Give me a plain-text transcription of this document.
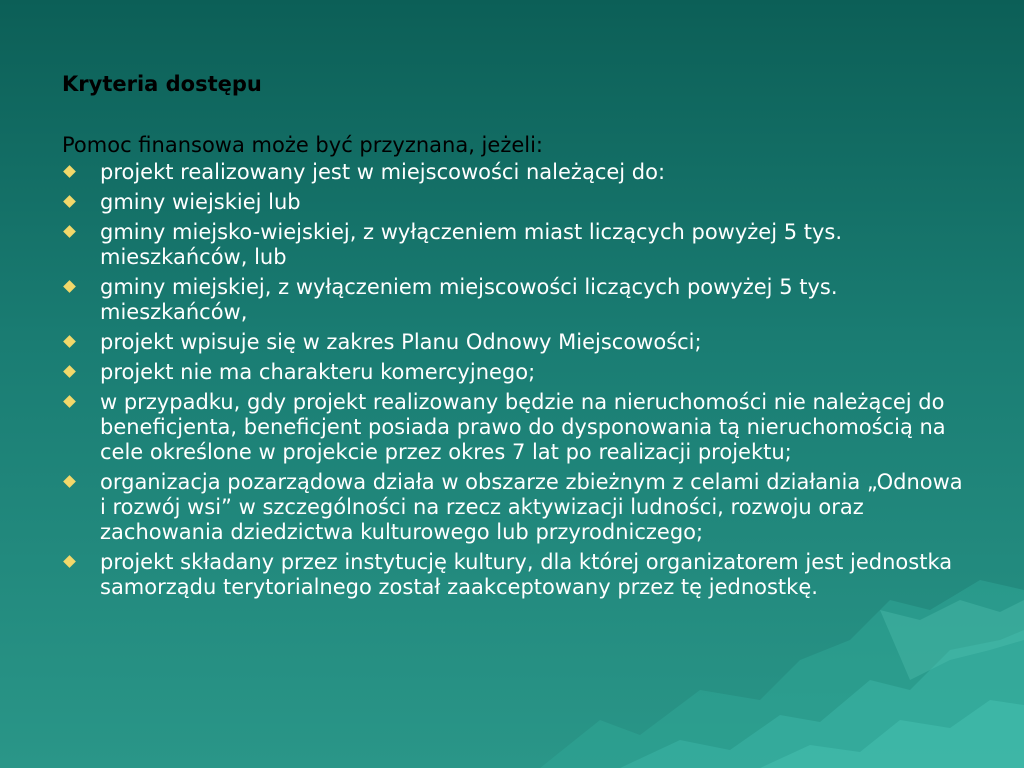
Kryteria dostępu
Pomoc finansowa może być przyznana, jeżeli:
projekt realizowany jest w miejscowości należącej do:
gminy wiejskiej lub
gminy miejsko-wiejskiej, z wyłączeniem miast liczących powyżej 5 tys. mieszkańców, lub
gminy miejskiej, z wyłączeniem miejscowości liczących powyżej 5 tys. mieszkańców,
projekt wpisuje się w zakres Planu Odnowy Miejscowości;
projekt nie ma charakteru komercyjnego;
w przypadku, gdy projekt realizowany będzie na nieruchomości nie należącej do beneficjenta, beneficjent posiada prawo do dysponowania tą nieruchomością na cele określone w projekcie przez okres 7 lat po realizacji projektu;
organizacja pozarządowa działa w obszarze zbieżnym z celami działania „Odnowa i rozwój wsi” w szczególności na rzecz aktywizacji ludności, rozwoju oraz zachowania dziedzictwa kulturowego lub przyrodniczego;
projekt składany przez instytucję kultury, dla której organizatorem jest jednostka samorządu terytorialnego został zaakceptowany przez tę jednostkę.
